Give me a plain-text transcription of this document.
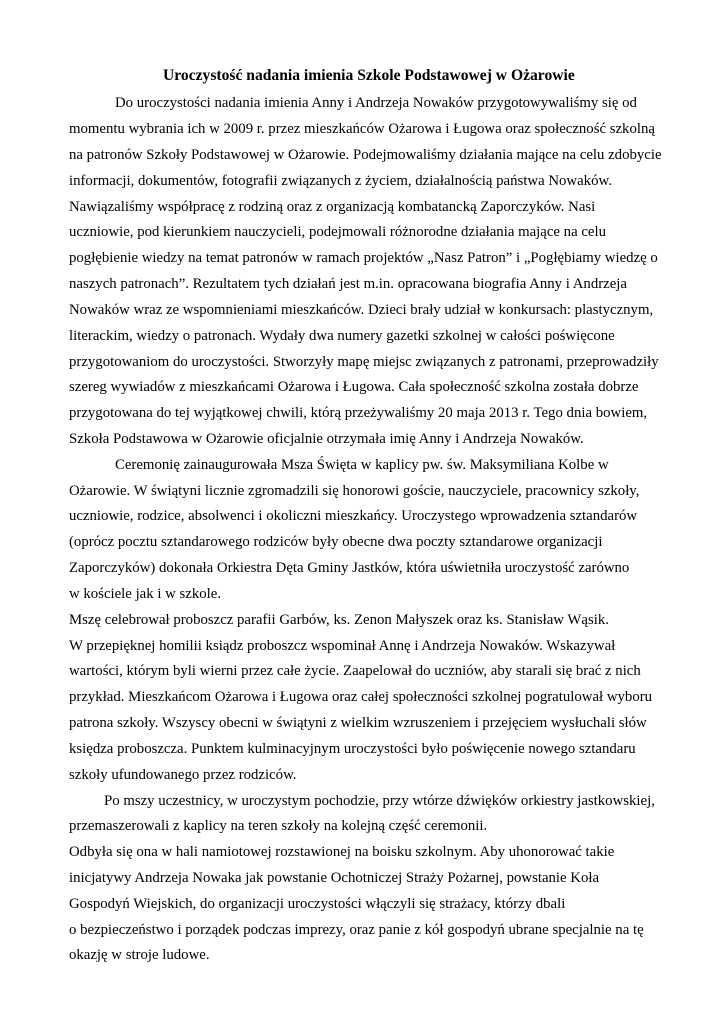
Uroczystość nadania imienia Szkole Podstawowej w Ożarowie

Do uroczystości nadania imienia Anny i Andrzeja Nowaków przygotowywaliśmy się od

momentu wybrania ich w 2009 r. przez mieszkańców Ożarowa i Ługowa oraz społeczność szkolną

na patronów Szkoły Podstawowej w Ożarowie. Podejmowaliśmy działania mające na celu zdobycie

informacji, dokumentów, fotografii związanych z życiem, działalnością państwa Nowaków.

Nawiązaliśmy współpracę z rodziną oraz z organizacją kombatancką Zaporczyków. Nasi

uczniowie, pod kierunkiem nauczycieli, podejmowali różnorodne działania mające na celu

pogłębienie wiedzy na temat patronów w ramach projektów „Nasz Patron” i „Pogłębiamy wiedzę o

naszych patronach”. Rezultatem tych działań jest m.in. opracowana biografia Anny i Andrzeja

Nowaków wraz ze wspomnieniami mieszkańców. Dzieci brały udział w konkursach: plastycznym,

literackim, wiedzy o patronach. Wydały dwa numery gazetki szkolnej w całości poświęcone

przygotowaniom do uroczystości. Stworzyły mapę miejsc związanych z patronami, przeprowadziły

szereg wywiadów z mieszkańcami Ożarowa i Ługowa. Cała społeczność szkolna została dobrze

przygotowana do tej wyjątkowej chwili, którą przeżywaliśmy 20 maja 2013 r. Tego dnia bowiem,

Szkoła Podstawowa w Ożarowie oficjalnie otrzymała imię Anny i Andrzeja Nowaków.

Ceremonię zainaugurowała Msza Święta w kaplicy pw. św. Maksymiliana Kolbe w

Ożarowie. W świątyni licznie zgromadzili się honorowi goście, nauczyciele, pracownicy szkoły,

uczniowie, rodzice, absolwenci i okoliczni mieszkańcy. Uroczystego wprowadzenia sztandarów

(oprócz pocztu sztandarowego rodziców były obecne dwa poczty sztandarowe organizacji

Zaporczyków) dokonała Orkiestra Dęta Gminy Jastków, która uświetniła uroczystość zarówno

w kościele jak i w szkole.

Mszę celebrował proboszcz parafii Garbów, ks. Zenon Małyszek oraz ks. Stanisław Wąsik.

W przepięknej homilii ksiądz proboszcz wspominał Annę i Andrzeja Nowaków. Wskazywał

wartości, którym byli wierni przez całe życie. Zaapelował do uczniów, aby starali się brać z nich

przykład. Mieszkańcom Ożarowa i Ługowa oraz całej społeczności szkolnej pogratulował wyboru

patrona szkoły. Wszyscy obecni w świątyni z wielkim wzruszeniem i przejęciem wysłuchali słów

księdza proboszcza. Punktem kulminacyjnym uroczystości było poświęcenie nowego sztandaru

szkoły ufundowanego przez rodziców.

Po mszy uczestnicy, w uroczystym pochodzie, przy wtórze dźwięków orkiestry jastkowskiej,

przemaszerowali z kaplicy na teren szkoły na kolejną część ceremonii.

Odbyła się ona w hali namiotowej rozstawionej na boisku szkolnym. Aby uhonorować takie

inicjatywy Andrzeja Nowaka jak powstanie Ochotniczej Straży Pożarnej, powstanie Koła

Gospodyń Wiejskich, do organizacji uroczystości włączyli się strażacy, którzy dbali

o bezpieczeństwo i porządek podczas imprezy, oraz panie z kół gospodyń ubrane specjalnie na tę

okazję w stroje ludowe.
